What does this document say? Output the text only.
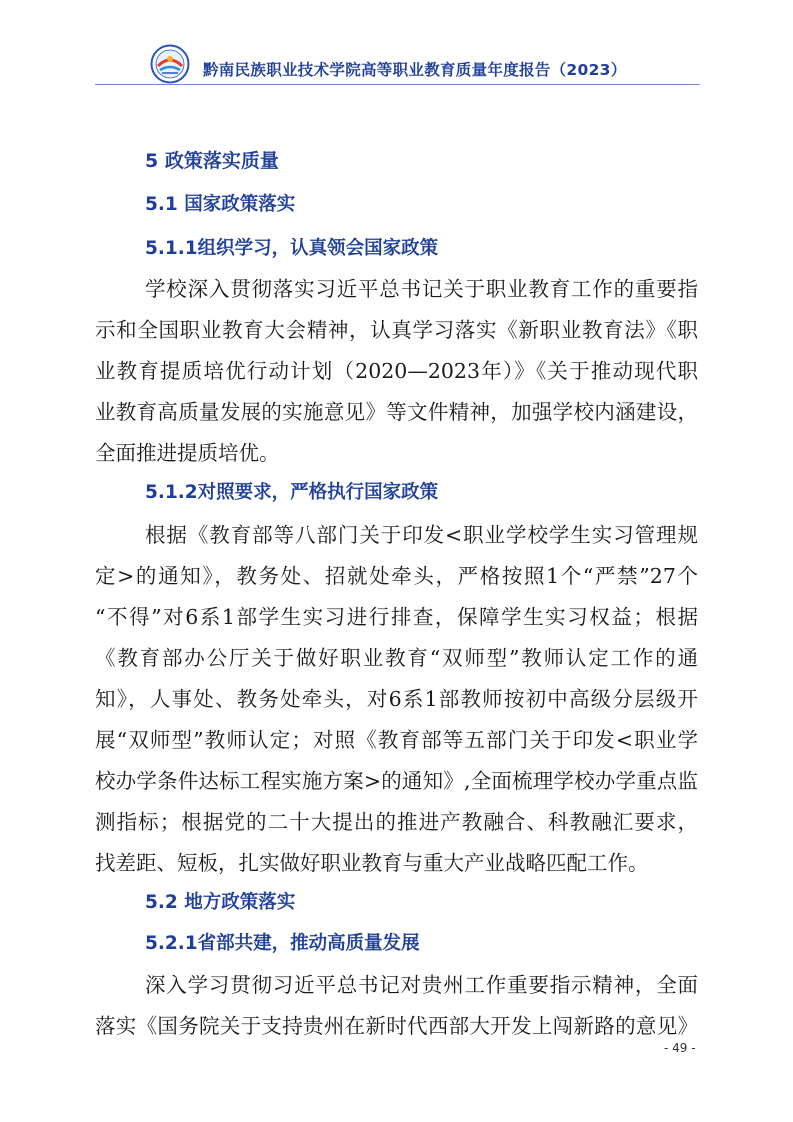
黔南民族职业技术学院高等职业教育质量年度报告（2023）
5 政策落实质量
5.1 国家政策落实
5.1.1组织学习，认真领会国家政策
学校深入贯彻落实习近平总书记关于职业教育工作的重要指
示和全国职业教育大会精神，认真学习落实《新职业教育法》《职
业教育提质培优行动计划（2020—2023年）》《关于推动现代职
业教育高质量发展的实施意见》等文件精神，加强学校内涵建设，
全面推进提质培优。
5.1.2对照要求，严格执行国家政策
根据《教育部等八部门关于印发<职业学校学生实习管理规
定>的通知》，教务处、招就处牵头，严格按照1个“严禁”27个
“不得”对6系1部学生实习进行排查，保障学生实习权益；根据
《教育部办公厅关于做好职业教育“双师型”教师认定工作的通
知》，人事处、教务处牵头，对6系1部教师按初中高级分层级开
展“双师型”教师认定；对照《教育部等五部门关于印发<职业学
校办学条件达标工程实施方案>的通知》,全面梳理学校办学重点监
测指标；根据党的二十大提出的推进产教融合、科教融汇要求，
找差距、短板，扎实做好职业教育与重大产业战略匹配工作。
5.2 地方政策落实
5.2.1省部共建，推动高质量发展
深入学习贯彻习近平总书记对贵州工作重要指示精神，全面
落实《国务院关于支持贵州在新时代西部大开发上闯新路的意见》
- 49 -
